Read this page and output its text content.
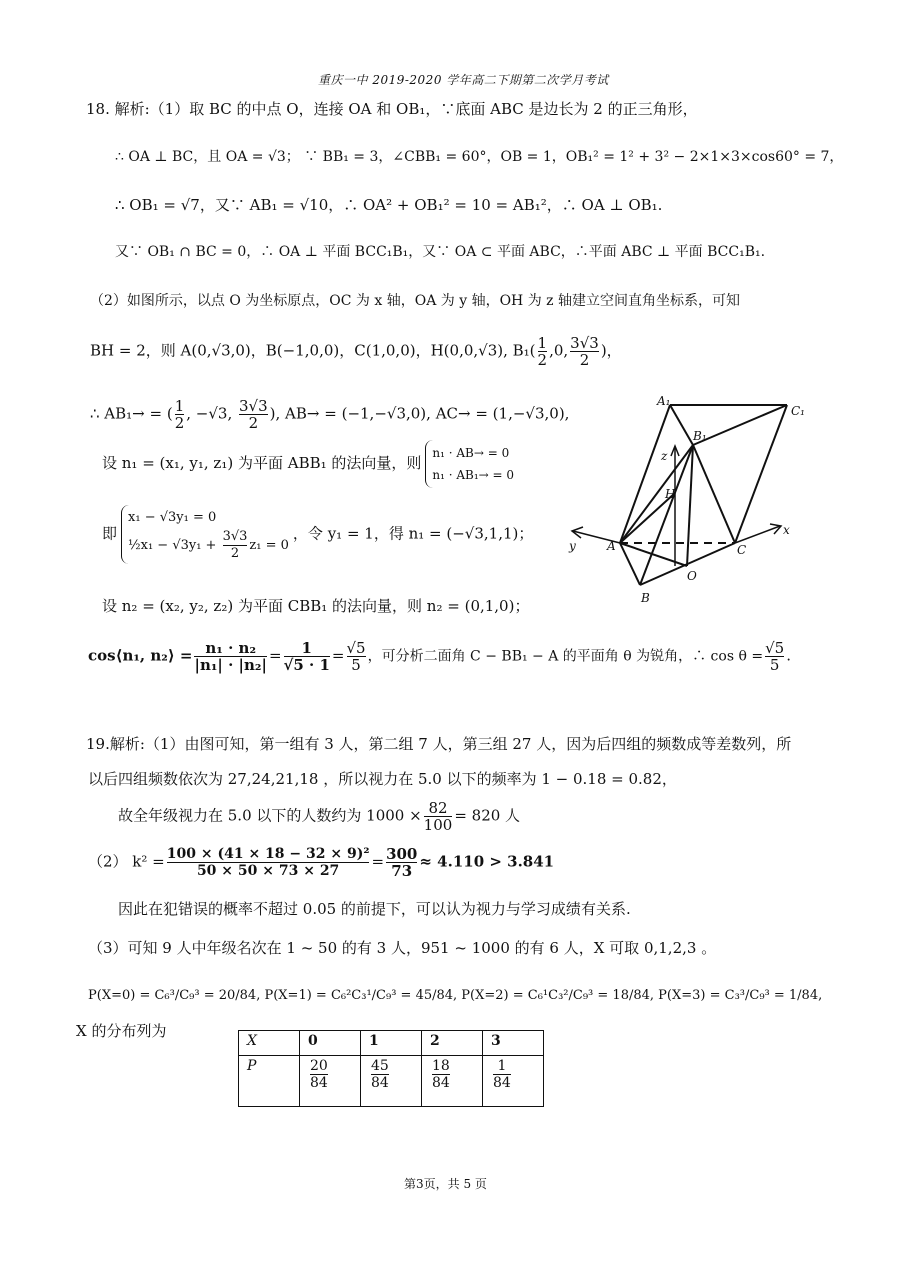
重庆一中 2019-2020 学年高二下期第二次学月考试
18. 解析:（1）取 BC 的中点 O，连接 OA 和 OB₁，∵底面 ABC 是边长为 2 的正三角形，
∴ OA ⊥ BC，且 OA = √3； ∵ BB₁ = 3，∠CBB₁ = 60°，OB = 1，OB₁² = 1² + 3² − 2×1×3×cos60° = 7，
∴ OB₁ = √7，又∵ AB₁ = √10，∴ OA² + OB₁² = 10 = AB₁²，∴ OA ⊥ OB₁.
又∵ OB₁ ∩ BC = 0，∴ OA ⊥ 平面 BCC₁B₁，又∵ OA ⊂ 平面 ABC，∴平面 ABC ⊥ 平面 BCC₁B₁.
（2）如图所示，以点 O 为坐标原点，OC 为 x 轴，OA 为 y 轴，OH 为 z 轴建立空间直角坐标系，可知
BH = 2，则 A(0,√3,0)，B(−1,0,0)，C(1,0,0)，H(0,0,√3), $B_1( \frac{1}{2} ,0$, $\frac{3√3}{2}$ )，
∴ AB₁→ = ( $\frac{1}{2}$ , −√3, $\frac{3√3}{2}$ ), AB→ = (−1,−√3,0), AC→ = (1,−√3,0),
设 n₁ = (x₁, y₁, z₁) 为平面 ABB₁ 的法向量，则
n₁ · AB→ = 0
n₁ · AB₁→ = 0
即
x₁ − √3y₁ = 0
½x₁ − $√3y_1 + \frac{3√3}{2} z_1 = 0$
，令 y₁ = 1，得 n₁ = (−√3,1,1)；
设 n₂ = (x₂, y₂, z₂) 为平面 CBB₁ 的法向量，则 n₂ = (0,1,0)；
cos⟨n₁, n₂⟩ = $\frac{\text{n₁ · n₂}}{\text{|n₁| · |n₂|}} = \frac{1}{√5 \cdot 1} = \frac{√5}{5}$ ，可分析二面角 C − BB₁ − A 的平面角 θ 为锐角，∴ $\cos \theta = \frac{√5}{5}$ .
A₁
C₁
B₁
z
H
y	A	C
x
O
B
19.解析:（1）由图可知，第一组有 3 人，第二组 7 人，第三组 27 人，因为后四组的频数成等差数列，所
以后四组频数依次为 27,24,21,18 ，所以视力在 5.0 以下的频率为 1 − 0.18 = 0.82，
故全年级视力在 5.0 以下的人数约为 $1000 \times \frac{82}{100} = 820$ 人
（2） $k^2 = \frac{\text{100 × (41 × 18 − 32 × 9)²}}{50 \times 50 \times 73 \times 27} = \frac{300}{73} \approx 4.110 > 3.841$
因此在犯错误的概率不超过 0.05 的前提下，可以认为视力与学习成绩有关系.
（3）可知 9 人中年级名次在 1 ~ 50 的有 3 人，951 ~ 1000 的有 6 人，X 可取 0,1,2,3 。
P(X=0) = C₆³/C₉³ = 20/84, P(X=1) = C₆²C₃¹/C₉³ = 45/84, P(X=2) = C₆¹C₃²/C₉³ = 18/84, P(X=3) = C₃³/C₉³ = 1/84,
X 的分布列为
X	0	1	2	3
P	$\frac{20}{84}$	$\frac{45}{84}$	$\frac{18}{84}$	$\frac{1}{84}$
第3页，共 5 页
